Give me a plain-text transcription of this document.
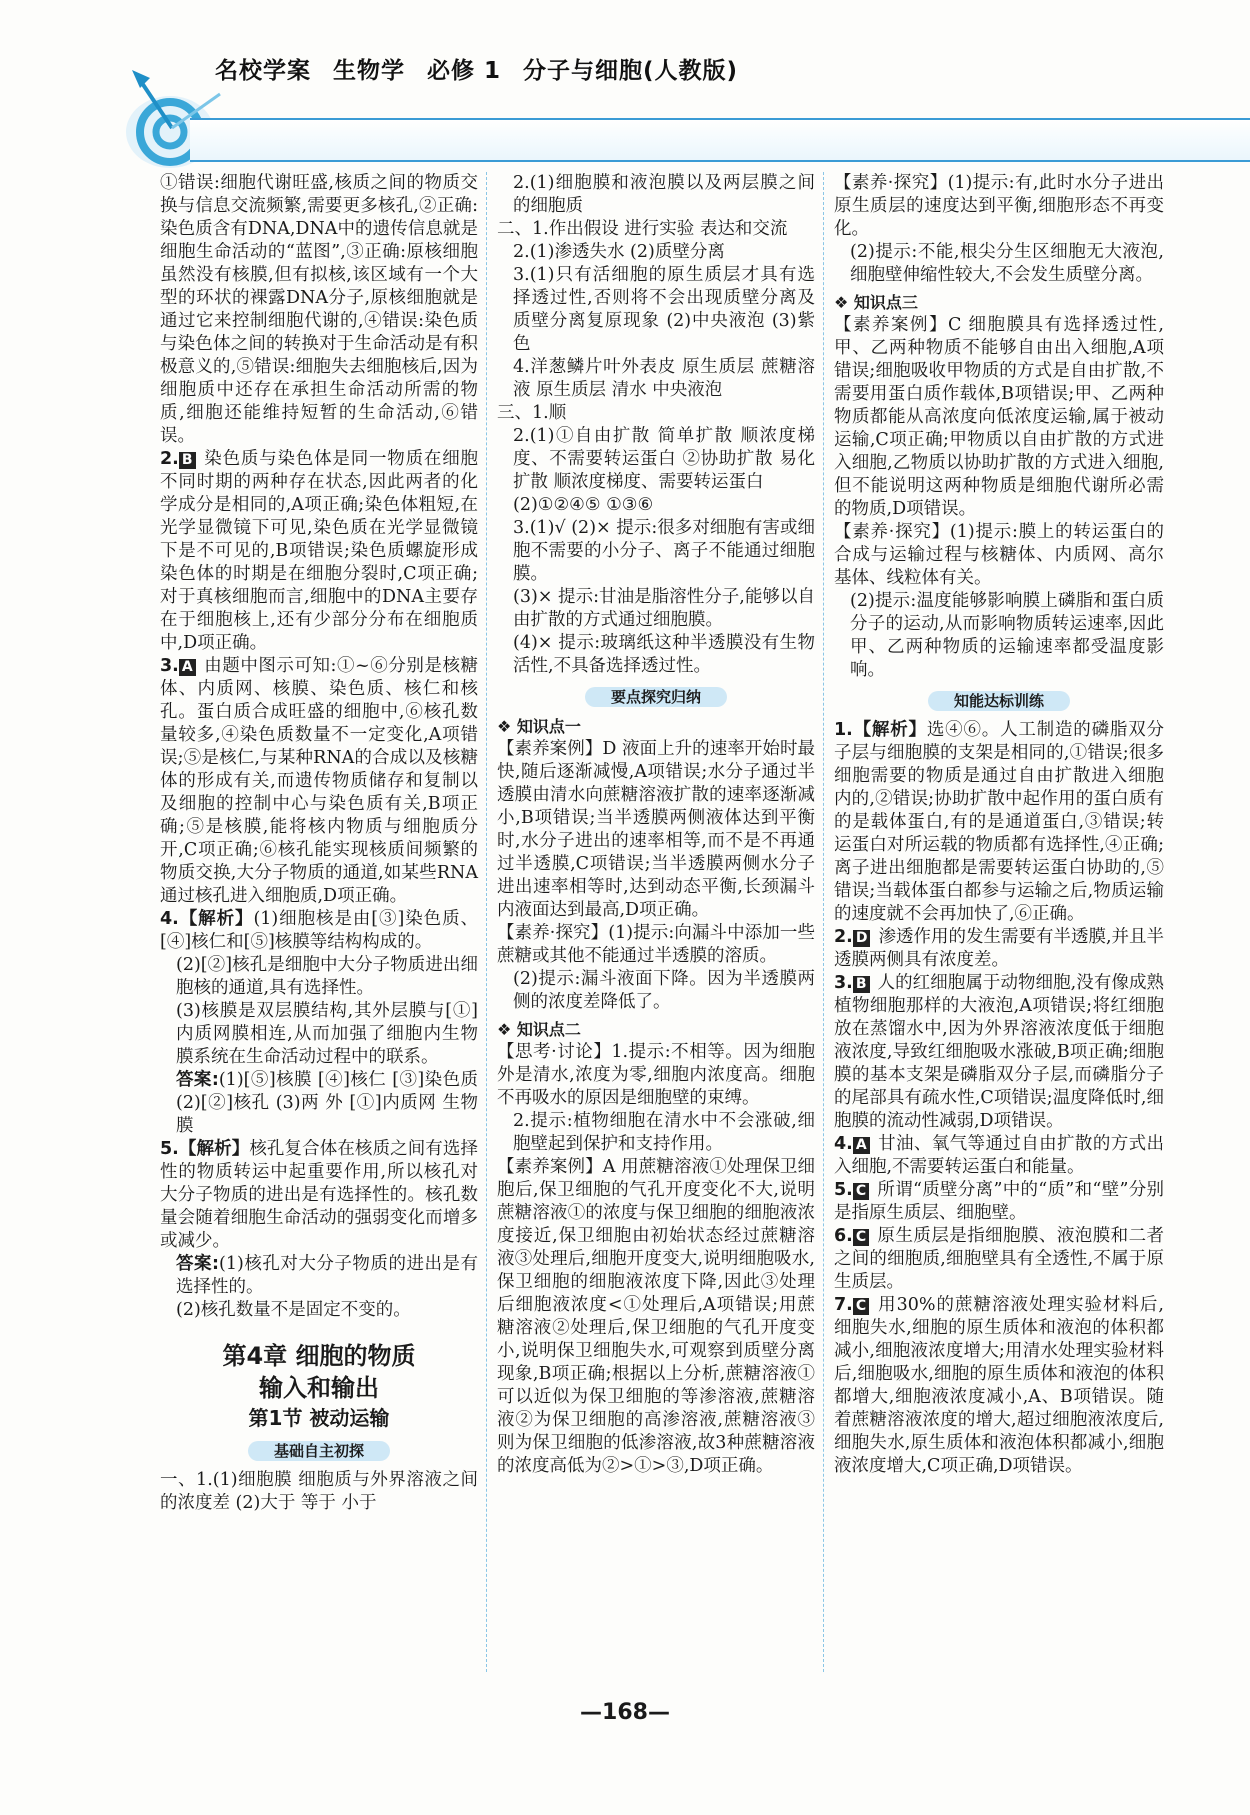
名校学案 生物学 必修 1 分子与细胞(人教版)

①错误:细胞代谢旺盛,核质之间的物质交换与信息交流频繁,需要更多核孔,②正确:染色质含有DNA,DNA中的遗传信息就是细胞生命活动的“蓝图”,③正确:原核细胞虽然没有核膜,但有拟核,该区域有一个大型的环状的裸露DNA分子,原核细胞就是通过它来控制细胞代谢的,④错误:染色质与染色体之间的转换对于生命活动是有积极意义的,⑤错误:细胞失去细胞核后,因为细胞质中还存在承担生命活动所需的物质,细胞还能维持短暂的生命活动,⑥错误。

2. B 染色质与染色体是同一物质在细胞不同时期的两种存在状态,因此两者的化学成分是相同的,A项正确;染色体粗短,在光学显微镜下可见,染色质在光学显微镜下是不可见的,B项错误;染色质螺旋形成染色体的时期是在细胞分裂时,C项正确;对于真核细胞而言,细胞中的DNA主要存在于细胞核上,还有少部分分布在细胞质中,D项正确。

3. A 由题中图示可知:①~⑥分别是核糖体、内质网、核膜、染色质、核仁和核孔。蛋白质合成旺盛的细胞中,⑥核孔数量较多,④染色质数量不一定变化,A项错误;⑤是核仁,与某种RNA的合成以及核糖体的形成有关,而遗传物质储存和复制以及细胞的控制中心与染色质有关,B项正确;⑤是核膜,能将核内物质与细胞质分开,C项正确;⑥核孔能实现核质间频繁的物质交换,大分子物质的通道,如某些RNA通过核孔进入细胞质,D项正确。

4.【解析】(1)细胞核是由[③]染色质、[④]核仁和[⑤]核膜等结构构成的。

(2)[②]核孔是细胞中大分子物质进出细胞核的通道,具有选择性。

(3)核膜是双层膜结构,其外层膜与[①]内质网膜相连,从而加强了细胞内生物膜系统在生命活动过程中的联系。

答案:(1)[⑤]核膜 [④]核仁 [③]染色质 (2)[②]核孔 (3)两 外 [①]内质网 生物膜

5.【解析】核孔复合体在核质之间有选择性的物质转运中起重要作用,所以核孔对大分子物质的进出是有选择性的。核孔数量会随着细胞生命活动的强弱变化而增多或减少。

答案:(1)核孔对大分子物质的进出是有选择性的。

(2)核孔数量不是固定不变的。

第4章 细胞的物质
输入和输出
第1节 被动运输
基础自主初探

一、1.(1)细胞膜 细胞质与外界溶液之间的浓度差 (2)大于 等于 小于

2.(1)细胞膜和液泡膜以及两层膜之间的细胞质

二、1.作出假设 进行实验 表达和交流

2.(1)渗透失水 (2)质壁分离

3.(1)只有活细胞的原生质层才具有选择透过性,否则将不会出现质壁分离及质壁分离复原现象 (2)中央液泡 (3)紫色

4.洋葱鳞片叶外表皮 原生质层 蔗糖溶液 原生质层 清水 中央液泡

三、1.顺

2.(1)①自由扩散 简单扩散 顺浓度梯度、不需要转运蛋白 ②协助扩散 易化扩散 顺浓度梯度、需要转运蛋白

(2)①②④⑤ ①③⑥

3.(1)√ (2)× 提示:很多对细胞有害或细胞不需要的小分子、离子不能通过细胞膜。

(3)× 提示:甘油是脂溶性分子,能够以自由扩散的方式通过细胞膜。

(4)× 提示:玻璃纸这种半透膜没有生物活性,不具备选择透过性。

要点探究归纳
❖ 知识点一

【素养案例】D 液面上升的速率开始时最快,随后逐渐减慢,A项错误;水分子通过半透膜由清水向蔗糖溶液扩散的速率逐渐减小,B项错误;当半透膜两侧液体达到平衡时,水分子进出的速率相等,而不是不再通过半透膜,C项错误;当半透膜两侧水分子进出速率相等时,达到动态平衡,长颈漏斗内液面达到最高,D项正确。

【素养·探究】(1)提示:向漏斗中添加一些蔗糖或其他不能通过半透膜的溶质。

(2)提示:漏斗液面下降。因为半透膜两侧的浓度差降低了。

❖ 知识点二

【思考·讨论】1.提示:不相等。因为细胞外是清水,浓度为零,细胞内浓度高。细胞不再吸水的原因是细胞壁的束缚。

2.提示:植物细胞在清水中不会涨破,细胞壁起到保护和支持作用。

【素养案例】A 用蔗糖溶液①处理保卫细胞后,保卫细胞的气孔开度变化不大,说明蔗糖溶液①的浓度与保卫细胞的细胞液浓度接近,保卫细胞由初始状态经过蔗糖溶液③处理后,细胞开度变大,说明细胞吸水,保卫细胞的细胞液浓度下降,因此③处理后细胞液浓度<①处理后,A项错误;用蔗糖溶液②处理后,保卫细胞的气孔开度变小,说明保卫细胞失水,可观察到质壁分离现象,B项正确;根据以上分析,蔗糖溶液①可以近似为保卫细胞的等渗溶液,蔗糖溶液②为保卫细胞的高渗溶液,蔗糖溶液③则为保卫细胞的低渗溶液,故3种蔗糖溶液的浓度高低为②>①>③,D项正确。

【素养·探究】(1)提示:有,此时水分子进出原生质层的速度达到平衡,细胞形态不再变化。

(2)提示:不能,根尖分生区细胞无大液泡,细胞壁伸缩性较大,不会发生质壁分离。

❖ 知识点三

【素养案例】C 细胞膜具有选择透过性,甲、乙两种物质不能够自由出入细胞,A项错误;细胞吸收甲物质的方式是自由扩散,不需要用蛋白质作载体,B项错误;甲、乙两种物质都能从高浓度向低浓度运输,属于被动运输,C项正确;甲物质以自由扩散的方式进入细胞,乙物质以协助扩散的方式进入细胞,但不能说明这两种物质是细胞代谢所必需的物质,D项错误。

【素养·探究】(1)提示:膜上的转运蛋白的合成与运输过程与核糖体、内质网、高尔基体、线粒体有关。

(2)提示:温度能够影响膜上磷脂和蛋白质分子的运动,从而影响物质转运速率,因此甲、乙两种物质的运输速率都受温度影响。

知能达标训练

1.【解析】选④⑥。人工制造的磷脂双分子层与细胞膜的支架是相同的,①错误;很多细胞需要的物质是通过自由扩散进入细胞内的,②错误;协助扩散中起作用的蛋白质有的是载体蛋白,有的是通道蛋白,③错误;转运蛋白对所运载的物质都有选择性,④正确;离子进出细胞都是需要转运蛋白协助的,⑤错误;当载体蛋白都参与运输之后,物质运输的速度就不会再加快了,⑥正确。

2. D 渗透作用的发生需要有半透膜,并且半透膜两侧具有浓度差。

3. B 人的红细胞属于动物细胞,没有像成熟植物细胞那样的大液泡,A项错误;将红细胞放在蒸馏水中,因为外界溶液浓度低于细胞液浓度,导致红细胞吸水涨破,B项正确;细胞膜的基本支架是磷脂双分子层,而磷脂分子的尾部具有疏水性,C项错误;温度降低时,细胞膜的流动性减弱,D项错误。

4. A 甘油、氧气等通过自由扩散的方式出入细胞,不需要转运蛋白和能量。

5. C 所谓“质壁分离”中的“质”和“壁”分别是指原生质层、细胞壁。

6. C 原生质层是指细胞膜、液泡膜和二者之间的细胞质,细胞壁具有全透性,不属于原生质层。

7. C 用30%的蔗糖溶液处理实验材料后,细胞失水,细胞的原生质体和液泡的体积都减小,细胞液浓度增大;用清水处理实验材料后,细胞吸水,细胞的原生质体和液泡的体积都增大,细胞液浓度减小,A、B项错误。随着蔗糖溶液浓度的增大,超过细胞液浓度后,细胞失水,原生质体和液泡体积都减小,细胞液浓度增大,C项正确,D项错误。

—168—
